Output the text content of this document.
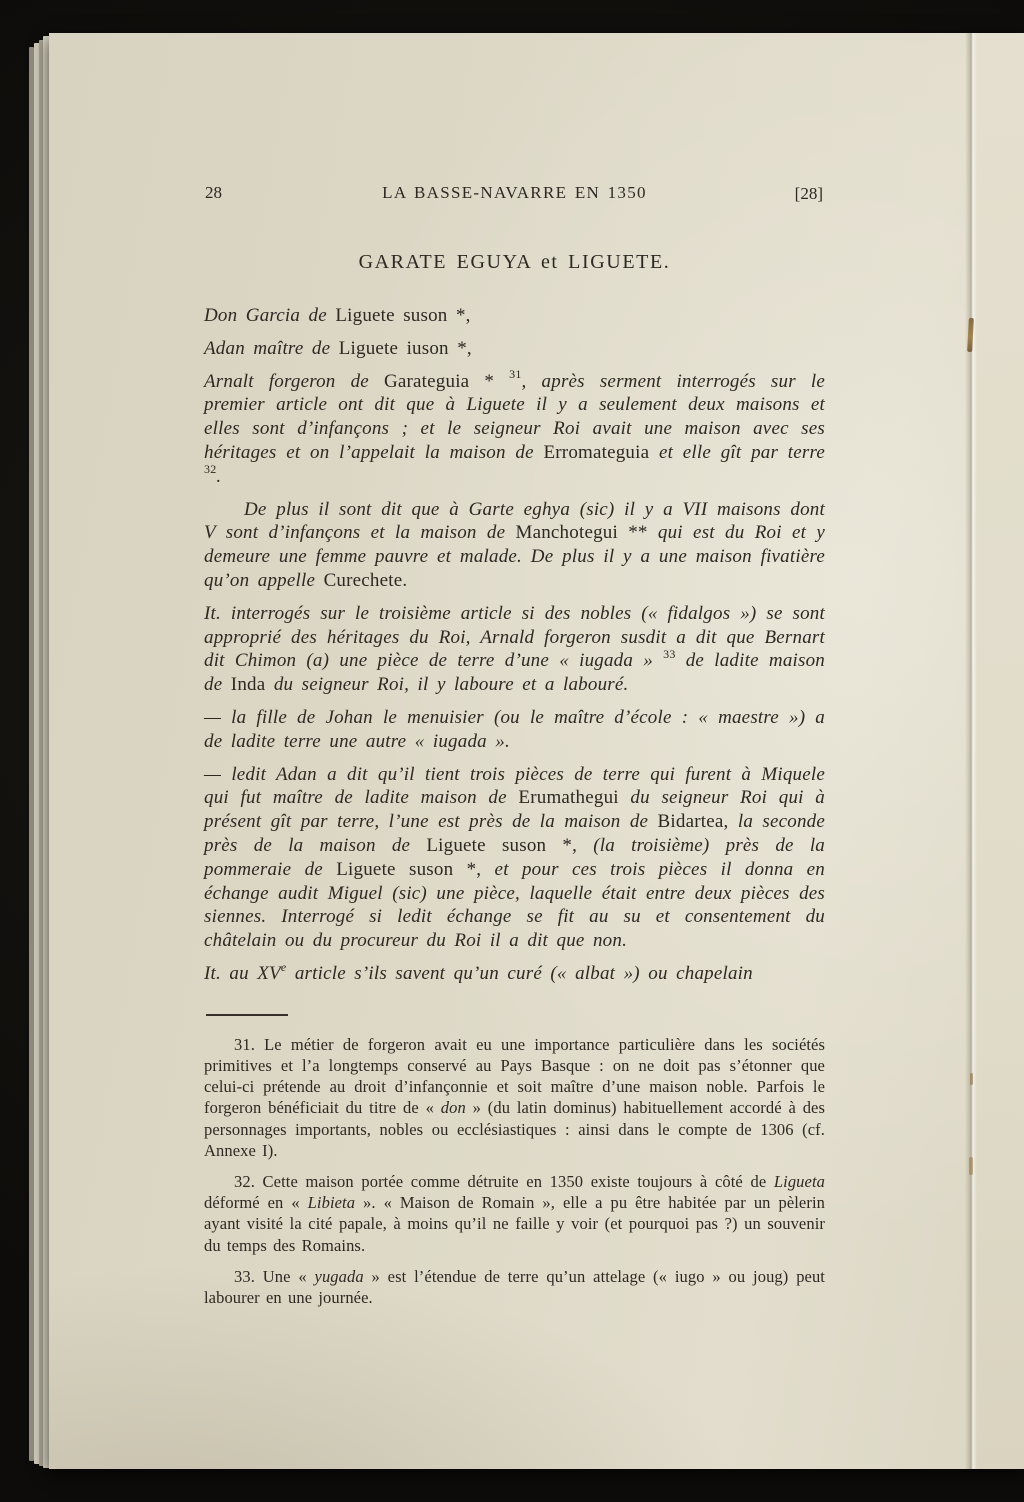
28	LA BASSE-NAVARRE EN 1350	[28]
GARATE EGUYA et LIGUETE.

Don Garcia de Liguete suson *,

Adan maître de Liguete iuson *,

Arnalt forgeron de Garateguia * $^{31}$, après serment interrogés sur le premier article ont dit que à Liguete il y a seulement deux maisons et elles sont d’infançons ; et le seigneur Roi avait une maison avec ses héritages et on l’appelait la maison de Erromateguia et elle gît par terre $^{32}$.

De plus il sont dit que à Garte eghya (sic) il y a VII maisons dont V sont d’infançons et la maison de Manchotegui ** qui est du Roi et y demeure une femme pauvre et malade. De plus il y a une maison fivatière qu’on appelle Curechete.

It. interrogés sur le troisième article si des nobles (« fidalgos ») se sont approprié des héritages du Roi, Arnald forgeron susdit a dit que Bernart dit Chimon (a) une pièce de terre d’une « iugada » $^{33}$ de ladite maison de Inda du seigneur Roi, il y laboure et a labouré.

— la fille de Johan le menuisier (ou le maître d’école : « maestre ») a de ladite terre une autre « iugada ».

— ledit Adan a dit qu’il tient trois pièces de terre qui furent à Miquele qui fut maître de ladite maison de Erumathegui du seigneur Roi qui à présent gît par terre, l’une est près de la maison de Bidartea, la seconde près de la maison de Liguete suson *, (la troisième) près de la pommeraie de Liguete suson *, et pour ces trois pièces il donna en échange audit Miguel (sic) une pièce, laquelle était entre deux pièces des siennes. Interrogé si ledit échange se fit au su et consentement du châtelain ou du procureur du Roi il a dit que non.

It. au XVe article s’ils savent qu’un curé (« albat ») ou chapelain

31. Le métier de forgeron avait eu une importance particulière dans les sociétés primitives et l’a longtemps conservé au Pays Basque : on ne doit pas s’étonner que celui-ci prétende au droit d’infançonnie et soit maître d’une maison noble. Parfois le forgeron bénéficiait du titre de « don » (du latin dominus) habituellement accordé à des personnages importants, nobles ou ecclésiastiques : ainsi dans le compte de 1306 (cf. Annexe I).

32. Cette maison portée comme détruite en 1350 existe toujours à côté de Ligueta déformé en « Libieta ». « Maison de Romain », elle a pu être habitée par un pèlerin ayant visité la cité papale, à moins qu’il ne faille y voir (et pourquoi pas ?) un souvenir du temps des Romains.

33. Une « yugada » est l’étendue de terre qu’un attelage (« iugo » ou joug) peut labourer en une journée.
